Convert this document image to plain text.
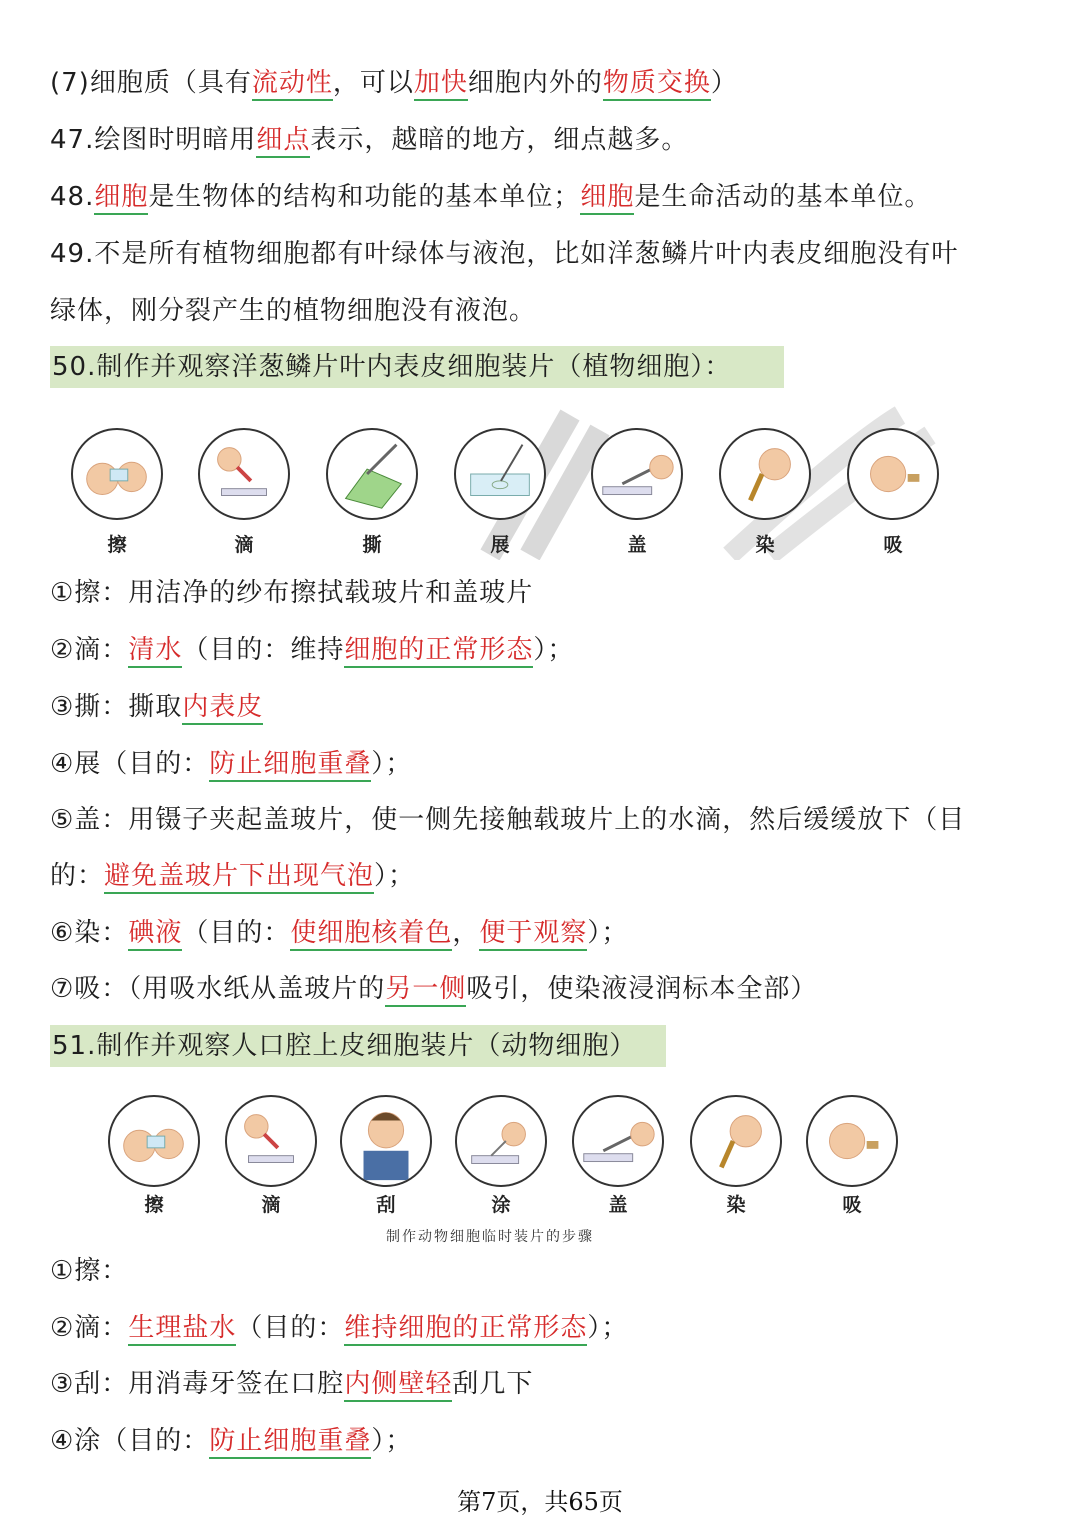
(7)细胞质（具有流动性，可以加快细胞内外的物质交换）
47.绘图时明暗用细点表示，越暗的地方，细点越多。
48.细胞是生物体的结构和功能的基本单位；细胞是生命活动的基本单位。
49.不是所有植物细胞都有叶绿体与液泡，比如洋葱鳞片叶内表皮细胞没有叶
绿体，刚分裂产生的植物细胞没有液泡。
50.制作并观察洋葱鳞片叶内表皮细胞装片（植物细胞）：
擦	滴	撕	展	盖	染	吸
①擦：用洁净的纱布擦拭载玻片和盖玻片
②滴：清水（目的：维持细胞的正常形态）；
③撕：撕取内表皮
④展（目的：防止细胞重叠）；
⑤盖：用镊子夹起盖玻片，使一侧先接触载玻片上的水滴，然后缓缓放下（目
的：避免盖玻片下出现气泡）；
⑥染：碘液（目的：使细胞核着色，便于观察）；
⑦吸：（用吸水纸从盖玻片的另一侧吸引，使染液浸润标本全部）
51.制作并观察人口腔上皮细胞装片（动物细胞）
擦	滴	刮	涂	盖	染	吸
制作动物细胞临时装片的步骤
①擦：
②滴：生理盐水（目的：维持细胞的正常形态）；
③刮：用消毒牙签在口腔内侧壁轻刮几下
④涂（目的：防止细胞重叠）；
第7页，共65页
